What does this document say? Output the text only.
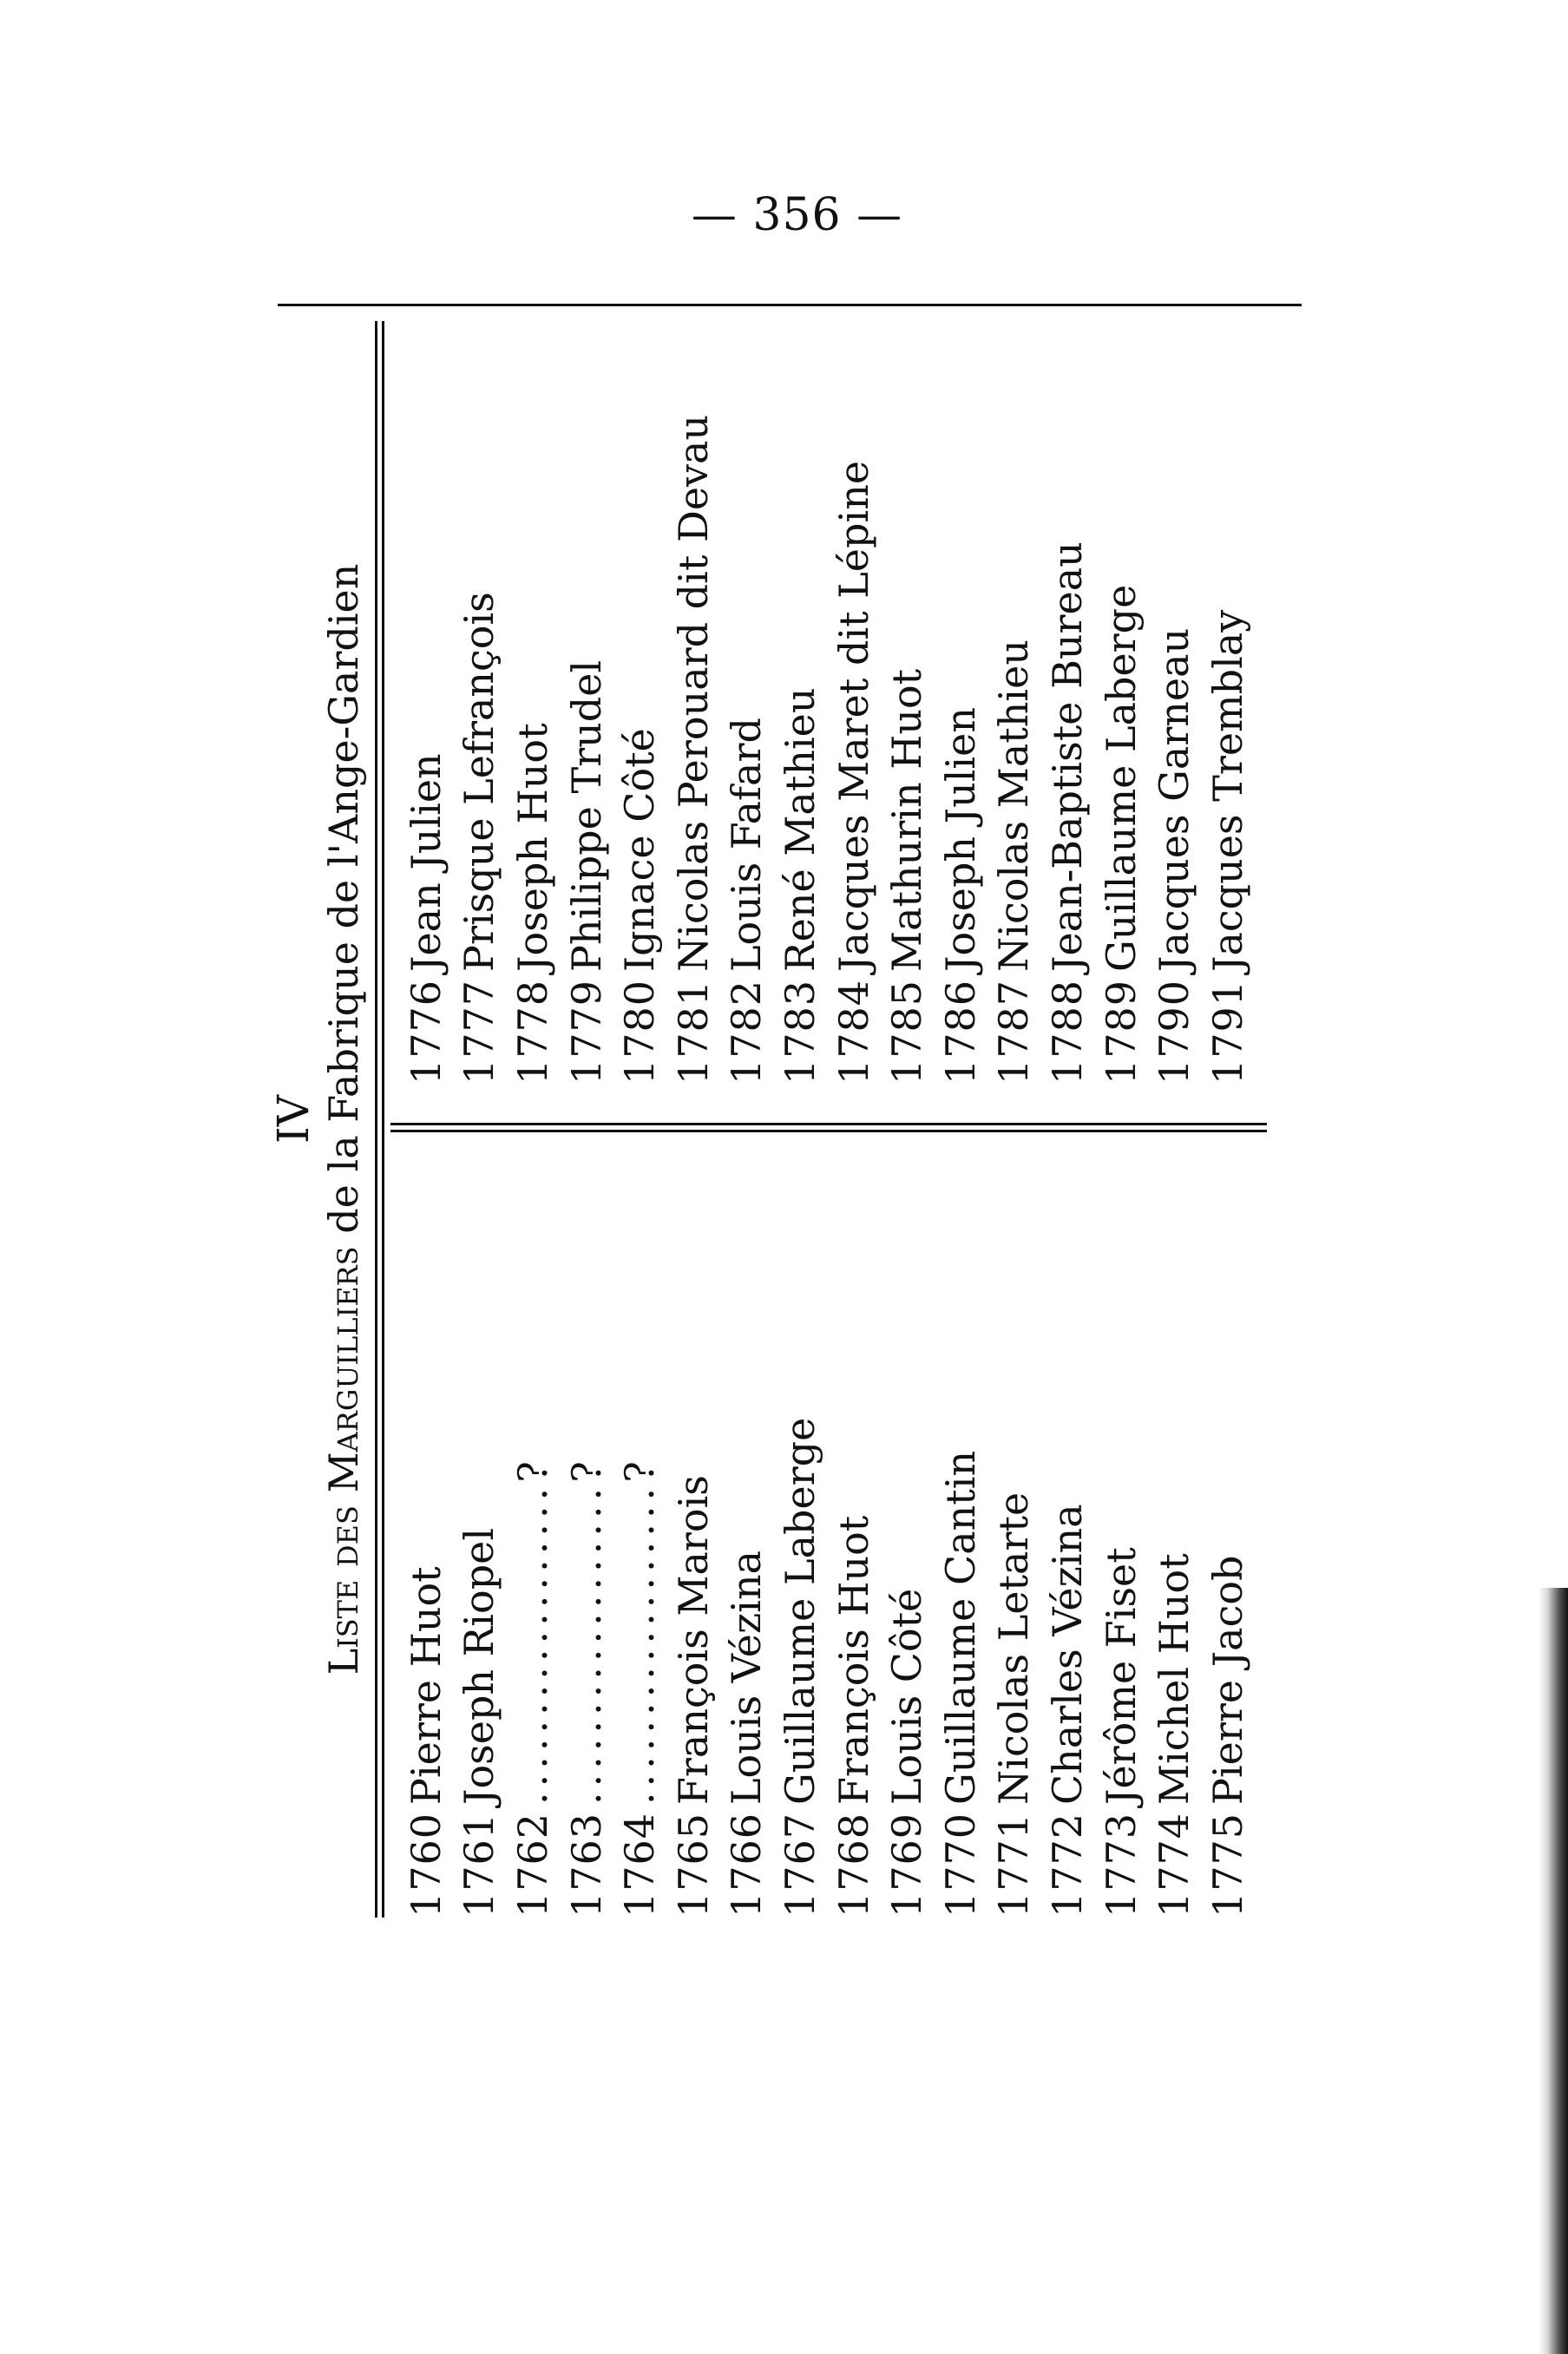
— 356 —
IV
Liste des Marguilliers de la Fabrique de l'Ange-Gardien
1760
Pierre Huot
1761
Joseph Riopel
1762
..................?
1763
..................?
1764
..................?
1765
François Marois
1766
Louis Vézina
1767
Guillaume Laberge
1768
François Huot
1769
Louis Côté
1770
Guillaume Cantin
1771
Nicolas Letarte
1772
Charles Vézina
1773
Jérôme Fiset
1774
Michel Huot
1775
Pierre Jacob
1776
Jean Julien
1777
Prisque Lefrançois
1778
Joseph Huot
1779
Philippe Trudel
1780
Ignace Côté
1781
Nicolas Perouard dit Devau
1782
Louis Fafard
1783
René Mathieu
1784
Jacques Maret dit Lépine
1785
Mathurin Huot
1786
Joseph Julien
1787
Nicolas Mathieu
1788
Jean-Baptiste Bureau
1789
Guillaume Laberge
1790
Jacques Garneau
1791
Jacques Tremblay
